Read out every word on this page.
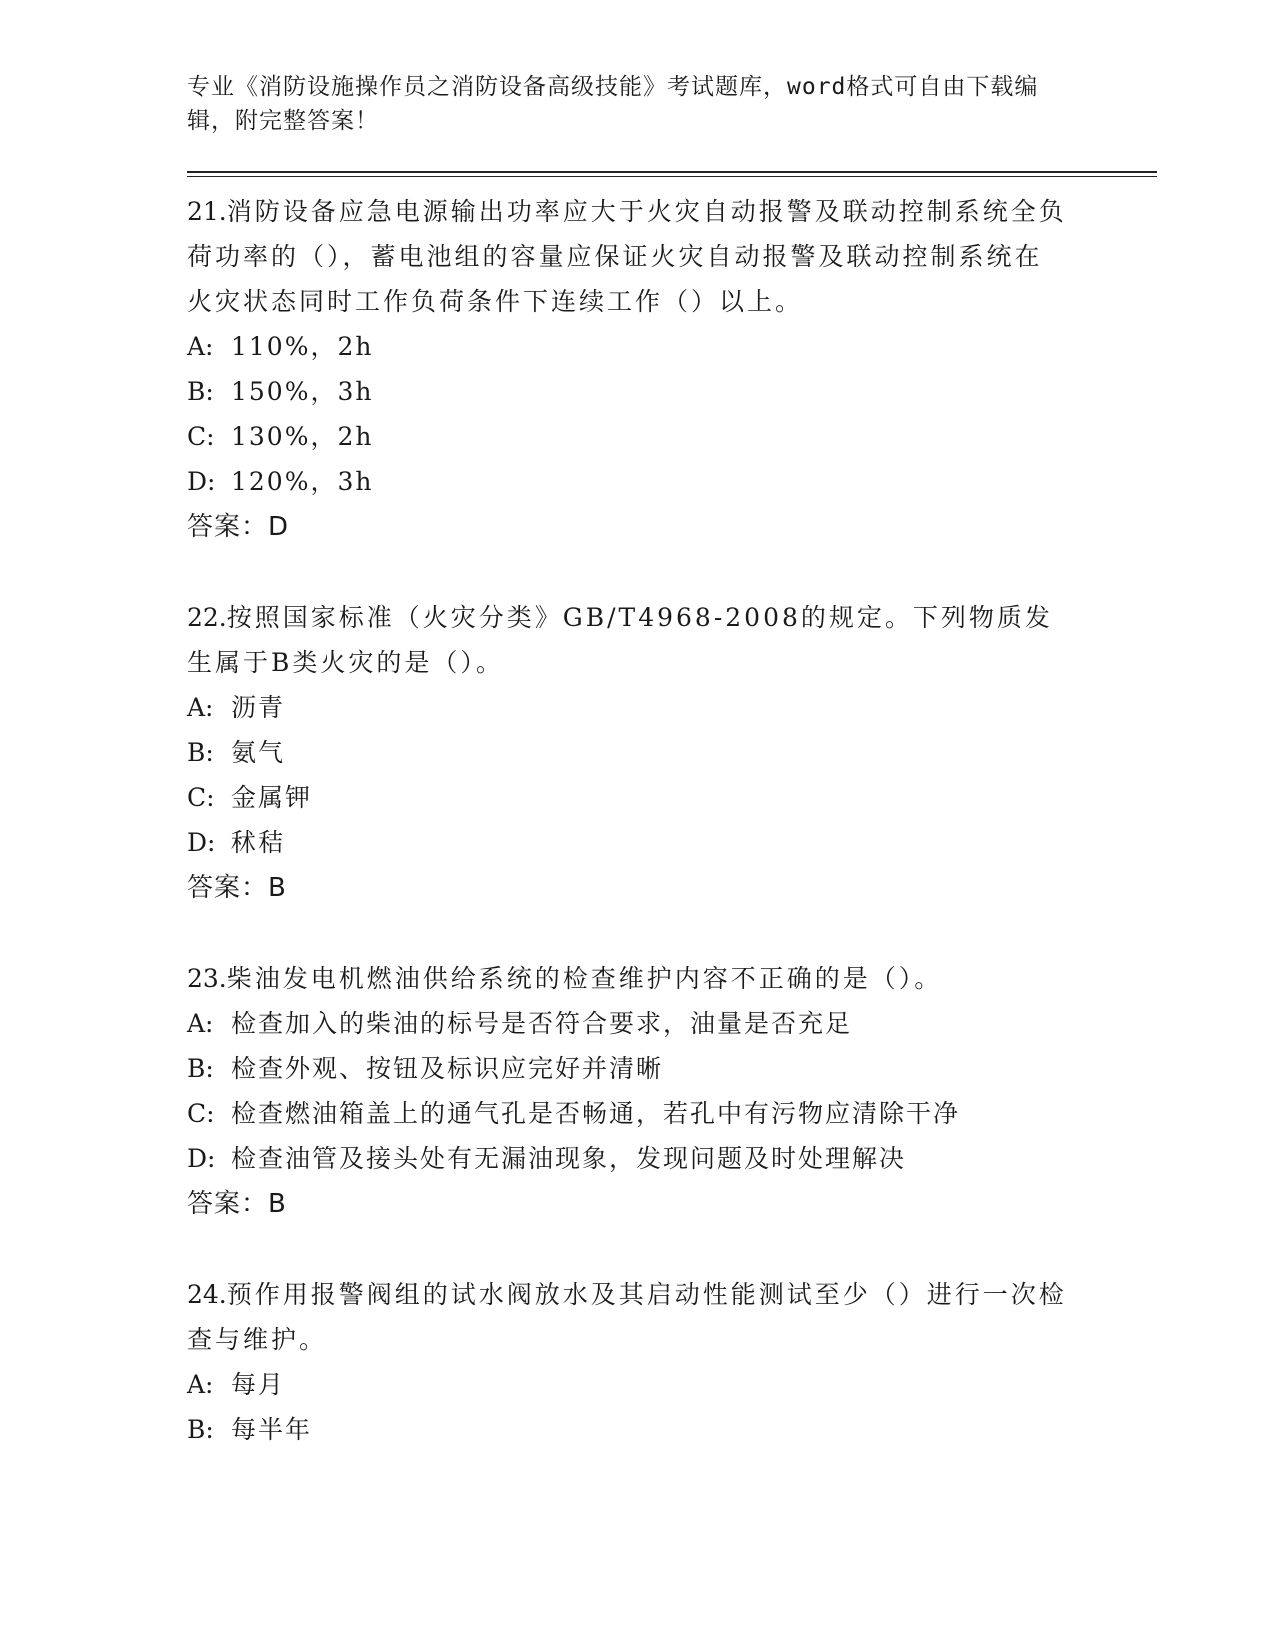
专业《消防设施操作员之消防设备高级技能》考试题库，word格式可自由下载编辑，附完整答案！

21.消防设备应急电源输出功率应大于火灾自动报警及联动控制系统全负荷功率的（），蓄电池组的容量应保证火灾自动报警及联动控制系统在火灾状态同时工作负荷条件下连续工作（）以上。

A: 110%，2h

B: 150%，3h

C: 130%，2h

D: 120%，3h

答案：D

22.按照国家标准（火灾分类》GB/T4968-2008的规定。下列物质发生属于B类火灾的是（）。

A: 沥青

B: 氨气

C: 金属钾

D: 秫秸

答案：B

23.柴油发电机燃油供给系统的检查维护内容不正确的是（）。

A: 检查加入的柴油的标号是否符合要求，油量是否充足

B: 检查外观、按钮及标识应完好并清晰

C: 检查燃油箱盖上的通气孔是否畅通，若孔中有污物应清除干净

D: 检查油管及接头处有无漏油现象，发现问题及时处理解决

答案：B

24.预作用报警阀组的试水阀放水及其启动性能测试至少（）进行一次检查与维护。

A: 每月

B: 每半年
